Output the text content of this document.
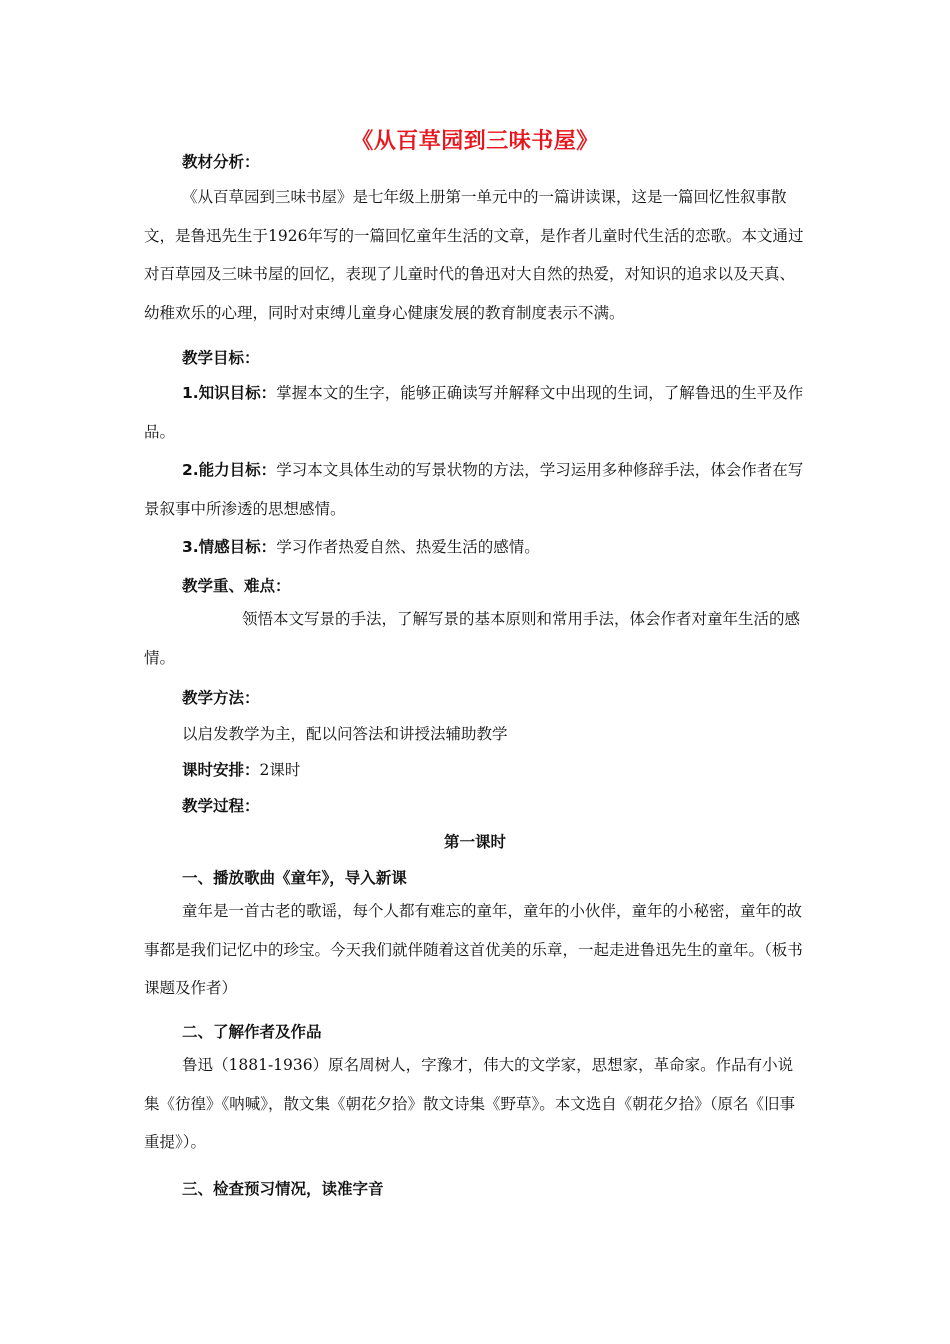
《从百草园到三味书屋》
教材分析：
《从百草园到三味书屋》是七年级上册第一单元中的一篇讲读课，这是一篇回忆性叙事散文，是鲁迅先生于1926年写的一篇回忆童年生活的文章，是作者儿童时代生活的恋歌。本文通过对百草园及三味书屋的回忆，表现了儿童时代的鲁迅对大自然的热爱，对知识的追求以及天真、幼稚欢乐的心理，同时对束缚儿童身心健康发展的教育制度表示不满。
教学目标：
1.知识目标：掌握本文的生字，能够正确读写并解释文中出现的生词，了解鲁迅的生平及作品。
2.能力目标：学习本文具体生动的写景状物的方法，学习运用多种修辞手法，体会作者在写景叙事中所渗透的思想感情。
3.情感目标：学习作者热爱自然、热爱生活的感情。
教学重、难点：
领悟本文写景的手法，了解写景的基本原则和常用手法，体会作者对童年生活的感情。
教学方法：
以启发教学为主，配以问答法和讲授法辅助教学
课时安排：2课时
教学过程：
第一课时
一、播放歌曲《童年》，导入新课
童年是一首古老的歌谣，每个人都有难忘的童年，童年的小伙伴，童年的小秘密，童年的故事都是我们记忆中的珍宝。今天我们就伴随着这首优美的乐章，一起走进鲁迅先生的童年。（板书课题及作者）
二、了解作者及作品
鲁迅（1881-1936）原名周树人，字豫才，伟大的文学家，思想家，革命家。作品有小说集《彷徨》《呐喊》，散文集《朝花夕拾》散文诗集《野草》。本文选自《朝花夕拾》（原名《旧事重提》）。
三、检查预习情况，读准字音
